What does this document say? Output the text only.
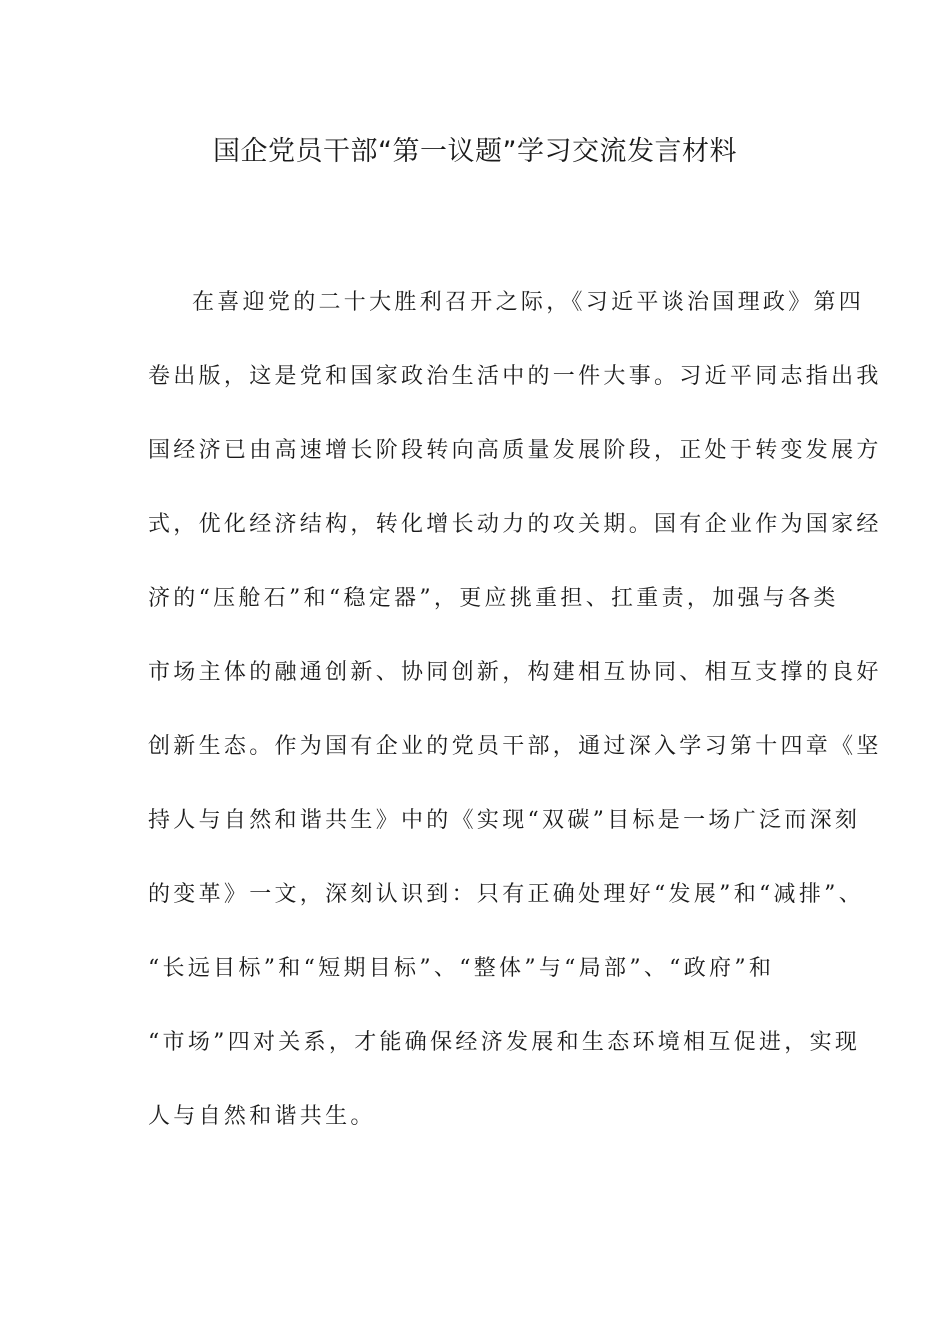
国企党员干部“第一议题”学习交流发言材料
在喜迎党的二十大胜利召开之际，《习近平谈治国理政》第四
卷出版，这是党和国家政治生活中的一件大事。习近平同志指出我
国经济已由高速增长阶段转向高质量发展阶段，正处于转变发展方
式，优化经济结构，转化增长动力的攻关期。国有企业作为国家经
济的“压舱石”和“稳定器”，更应挑重担、扛重责，加强与各类
市场主体的融通创新、协同创新，构建相互协同、相互支撑的良好
创新生态。作为国有企业的党员干部，通过深入学习第十四章《坚
持人与自然和谐共生》中的《实现“双碳”目标是一场广泛而深刻
的变革》一文，深刻认识到：只有正确处理好“发展”和“减排”、
“长远目标”和“短期目标”、“整体”与“局部”、“政府”和
“市场”四对关系，才能确保经济发展和生态环境相互促进，实现
人与自然和谐共生。
